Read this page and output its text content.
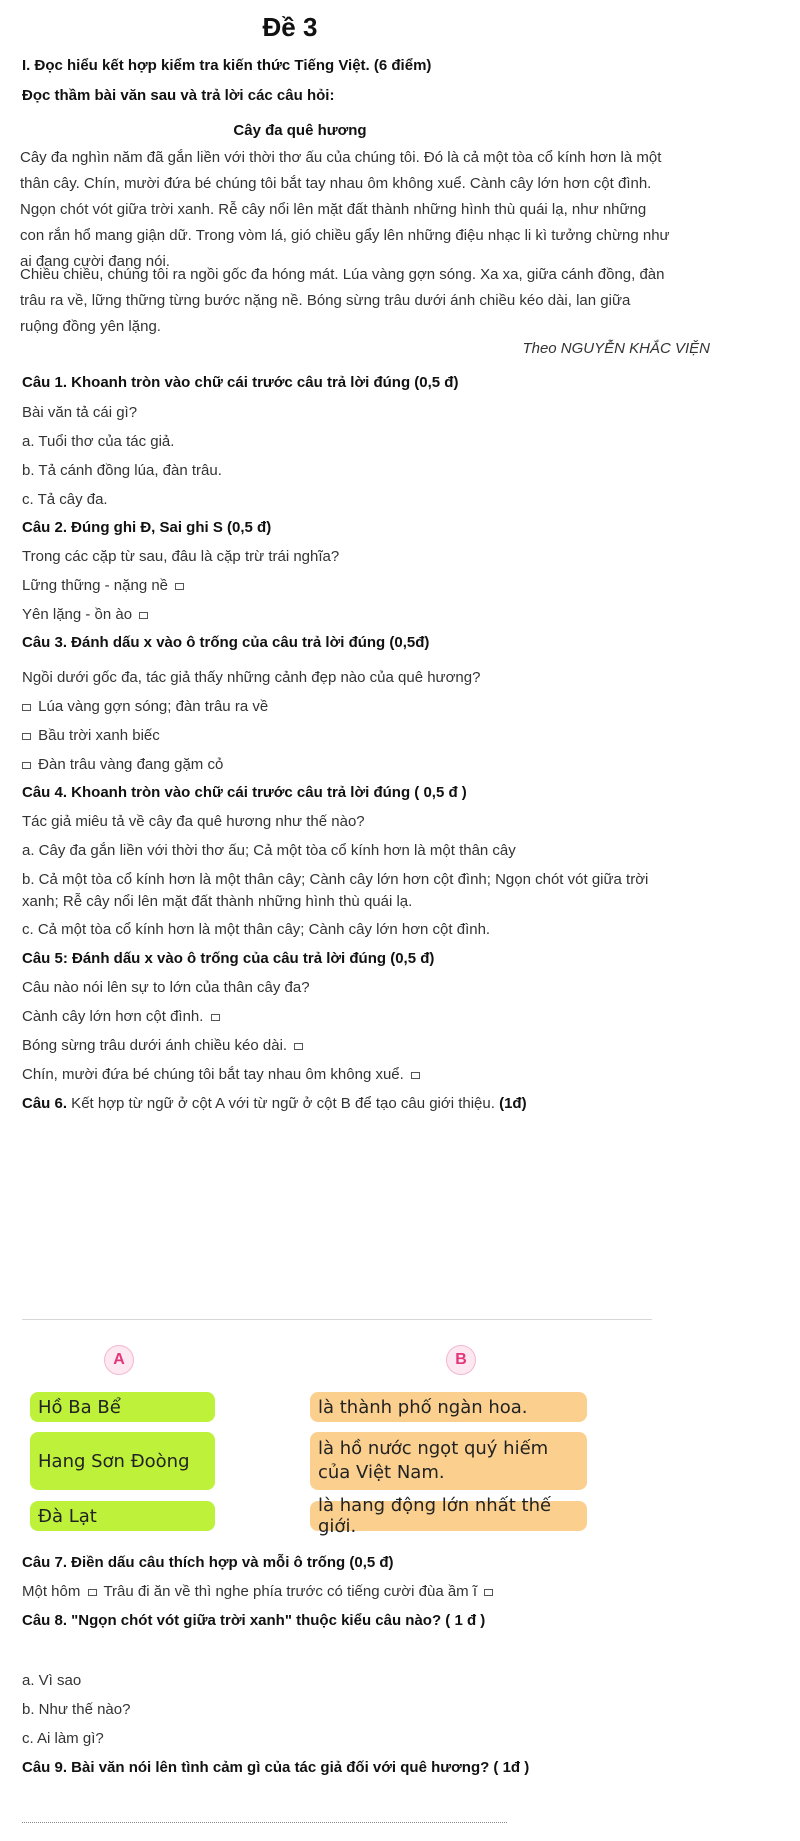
Đề 3
I. Đọc hiểu kết hợp kiểm tra kiến thức Tiếng Việt. (6 điểm)
Đọc thầm bài văn sau và trả lời các câu hỏi:
Cây đa quê hương
Cây đa nghìn năm đã gắn liền với thời thơ ấu của chúng tôi. Đó là cả một tòa cổ kính hơn là một
thân cây. Chín, mười đứa bé chúng tôi bắt tay nhau ôm không xuể. Cành cây lớn hơn cột đình.
Ngọn chót vót giữa trời xanh. Rễ cây nổi lên mặt đất thành những hình thù quái lạ, như những
con rắn hổ mang giận dữ. Trong vòm lá, gió chiều gẩy lên những điệu nhạc li kì tưởng chừng như
ai đang cười đang nói.
Chiều chiều, chúng tôi ra ngồi gốc đa hóng mát. Lúa vàng gợn sóng. Xa xa, giữa cánh đồng, đàn
trâu ra về, lững thững từng bước nặng nề. Bóng sừng trâu dưới ánh chiều kéo dài, lan giữa
ruộng đồng yên lặng.
Theo NGUYỄN KHẮC VIỆN
Câu 1. Khoanh tròn vào chữ cái trước câu trả lời đúng (0,5 đ)
Bài văn tả cái gì?
a. Tuổi thơ của tác giả.
b. Tả cánh đồng lúa, đàn trâu.
c. Tả cây đa.
Câu 2. Đúng ghi Đ, Sai ghi S (0,5 đ)
Trong các cặp từ sau, đâu là cặp trừ trái nghĩa?
Lững thững - nặng nề
Yên lặng - ồn ào
Câu 3. Đánh dấu x vào ô trống của câu trả lời đúng (0,5đ)
Ngồi dưới gốc đa, tác giả thấy những cảnh đẹp nào của quê hương?
Lúa vàng gợn sóng; đàn trâu ra về
Bầu trời xanh biếc
Đàn trâu vàng đang gặm cỏ
Câu 4. Khoanh tròn vào chữ cái trước câu trả lời đúng ( 0,5 đ )
Tác giả miêu tả về cây đa quê hương như thế nào?
a. Cây đa gắn liền với thời thơ ấu; Cả một tòa cổ kính hơn là một thân cây
b. Cả một tòa cổ kính hơn là một thân cây; Cành cây lớn hơn cột đình; Ngọn chót vót giữa trời
xanh; Rễ cây nổi lên mặt đất thành những hình thù quái lạ.
c. Cả một tòa cổ kính hơn là một thân cây; Cành cây lớn hơn cột đình.
Câu 5: Đánh dấu x vào ô trống của câu trả lời đúng (0,5 đ)
Câu nào nói lên sự to lớn của thân cây đa?
Cành cây lớn hơn cột đình.
Bóng sừng trâu dưới ánh chiều kéo dài.
Chín, mười đứa bé chúng tôi bắt tay nhau ôm không xuể.
Câu 6. Kết hợp từ ngữ ở cột A với từ ngữ ở cột B để tạo câu giới thiệu. (1đ)
A	B
Hồ Ba Bể
Hang Sơn Đoòng
Đà Lạt
là thành phố ngàn hoa.
là hồ nước ngọt quý hiếm của Việt Nam.
là hang động lớn nhất thế giới.
Câu 7. Điền dấu câu thích hợp và mỗi ô trống (0,5 đ)
Một hôm Trâu đi ăn về thì nghe phía trước có tiếng cười đùa ầm ĩ
Câu 8. "Ngọn chót vót giữa trời xanh" thuộc kiểu câu nào? ( 1 đ )
a. Vì sao
b. Như thế nào?
c. Ai làm gì?
Câu 9. Bài văn nói lên tình cảm gì của tác giả đối với quê hương? ( 1đ )
